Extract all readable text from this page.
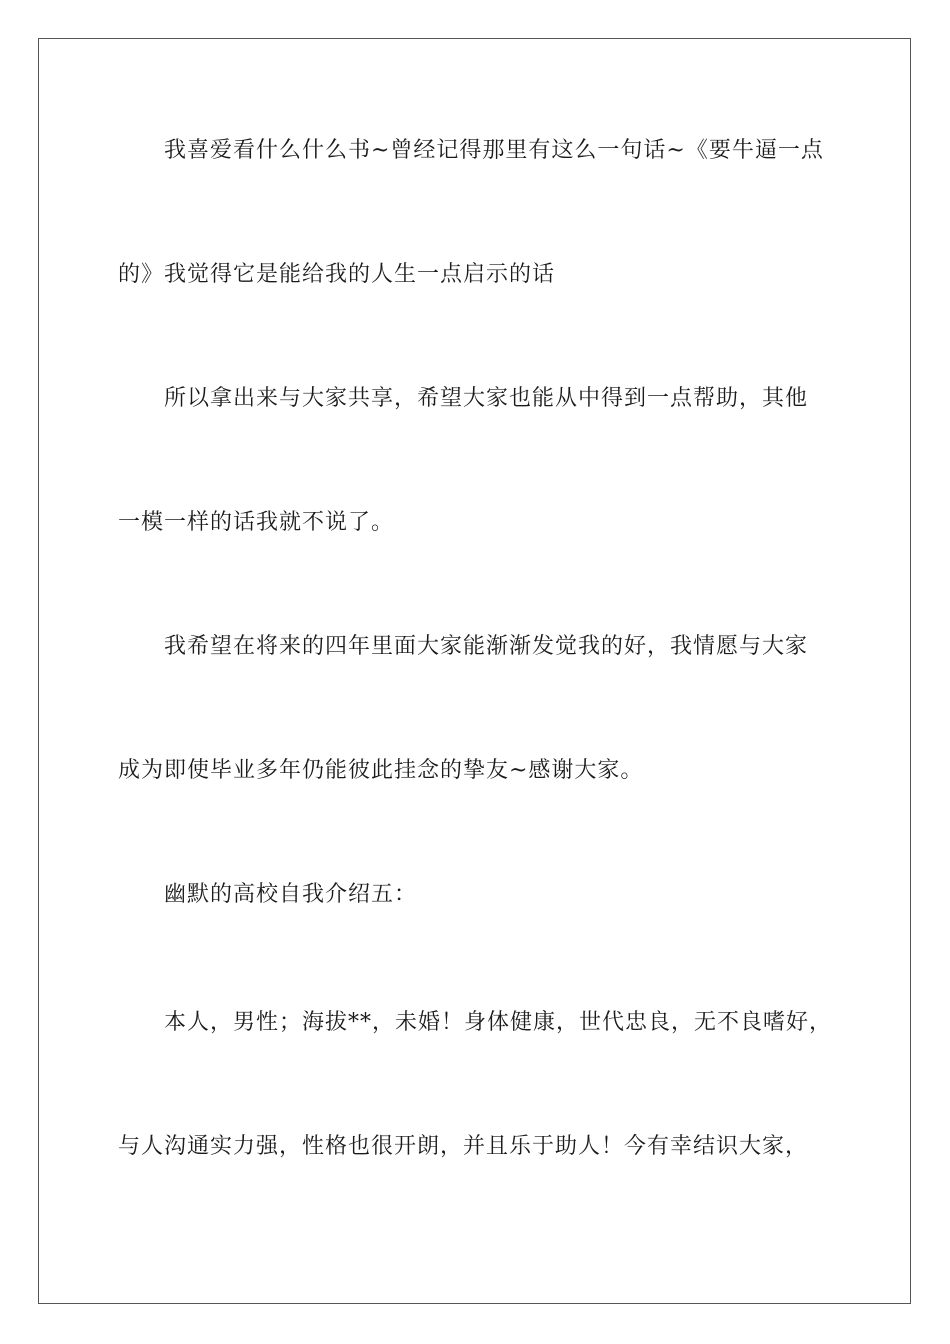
我喜爱看什么什么书~曾经记得那里有这么一句话~《要牛逼一点
的》我觉得它是能给我的人生一点启示的话
所以拿出来与大家共享，希望大家也能从中得到一点帮助，其他
一模一样的话我就不说了。
我希望在将来的四年里面大家能渐渐发觉我的好，我情愿与大家
成为即使毕业多年仍能彼此挂念的挚友~感谢大家。
幽默的高校自我介绍五：
本人，男性；海拔**，未婚！身体健康，世代忠良，无不良嗜好，
与人沟通实力强，性格也很开朗，并且乐于助人！今有幸结识大家，
